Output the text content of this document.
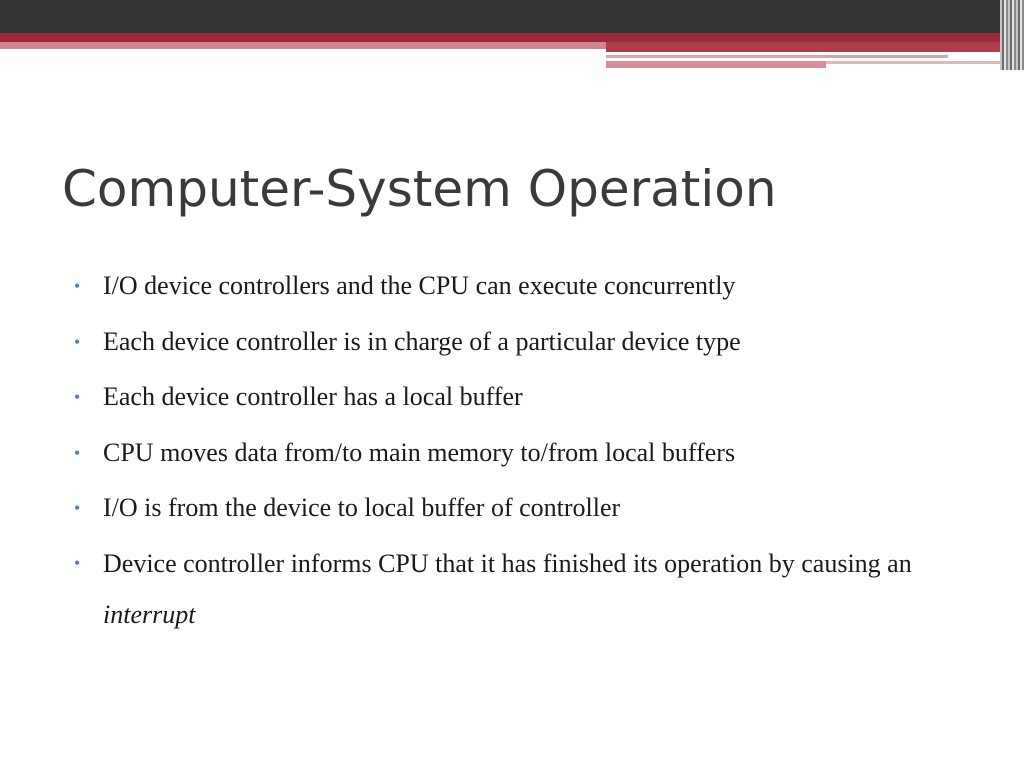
Computer-System Operation
• I/O device controllers and the CPU can execute concurrently
• Each device controller is in charge of a particular device type
• Each device controller has a local buffer
• CPU moves data from/to main memory to/from local buffers
• I/O is from the device to local buffer of controller
• Device controller informs CPU that it has finished its operation by causing an interrupt
